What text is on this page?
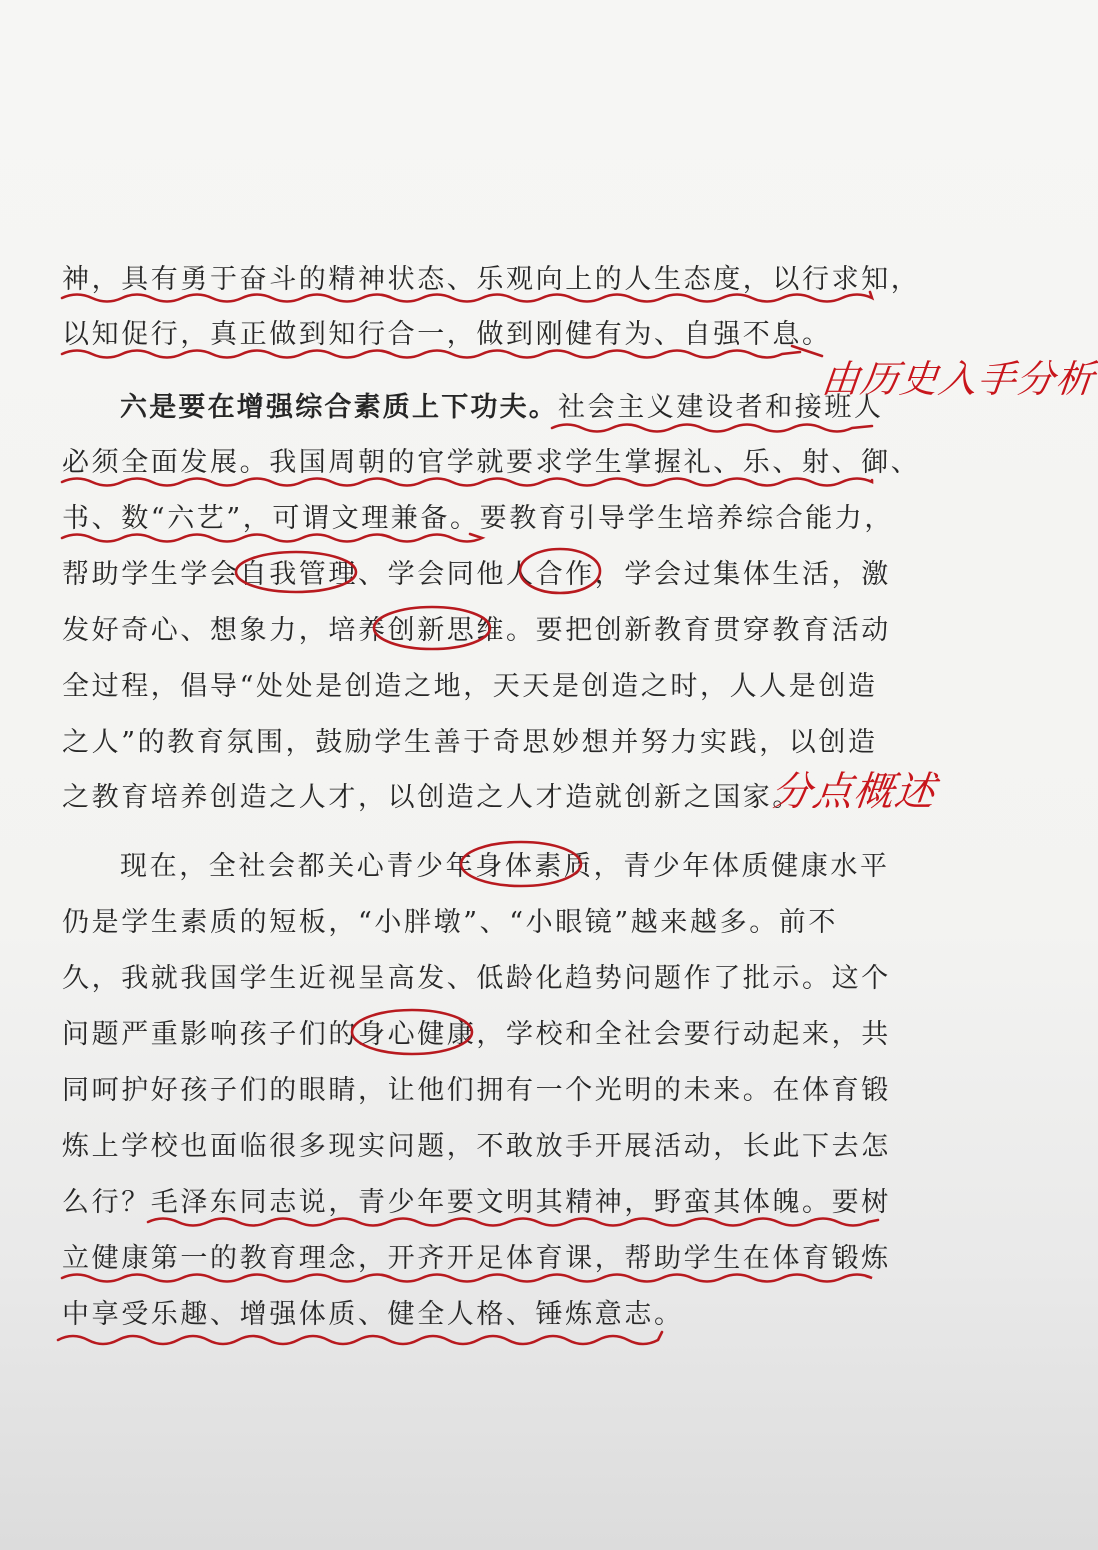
神，具有勇于奋斗的精神状态、乐观向上的人生态度，以行求知，
以知促行，真正做到知行合一，做到刚健有为、自强不息。
六是要在增强综合素质上下功夫。社会主义建设者和接班人
必须全面发展。我国周朝的官学就要求学生掌握礼、乐、射、御、
书、数“六艺”，可谓文理兼备。要教育引导学生培养综合能力，
帮助学生学会自我管理、学会同他人合作，学会过集体生活，激
发好奇心、想象力，培养创新思维。要把创新教育贯穿教育活动
全过程，倡导“处处是创造之地，天天是创造之时，人人是创造
之人”的教育氛围，鼓励学生善于奇思妙想并努力实践，以创造
之教育培养创造之人才，以创造之人才造就创新之国家。
现在，全社会都关心青少年身体素质，青少年体质健康水平
仍是学生素质的短板，“小胖墩”、“小眼镜”越来越多。前不
久，我就我国学生近视呈高发、低龄化趋势问题作了批示。这个
问题严重影响孩子们的身心健康，学校和全社会要行动起来，共
同呵护好孩子们的眼睛，让他们拥有一个光明的未来。在体育锻
炼上学校也面临很多现实问题，不敢放手开展活动，长此下去怎
么行？毛泽东同志说，青少年要文明其精神，野蛮其体魄。要树
立健康第一的教育理念，开齐开足体育课，帮助学生在体育锻炼
中享受乐趣、增强体质、健全人格、锤炼意志。
由历史入手分析
分点概述
